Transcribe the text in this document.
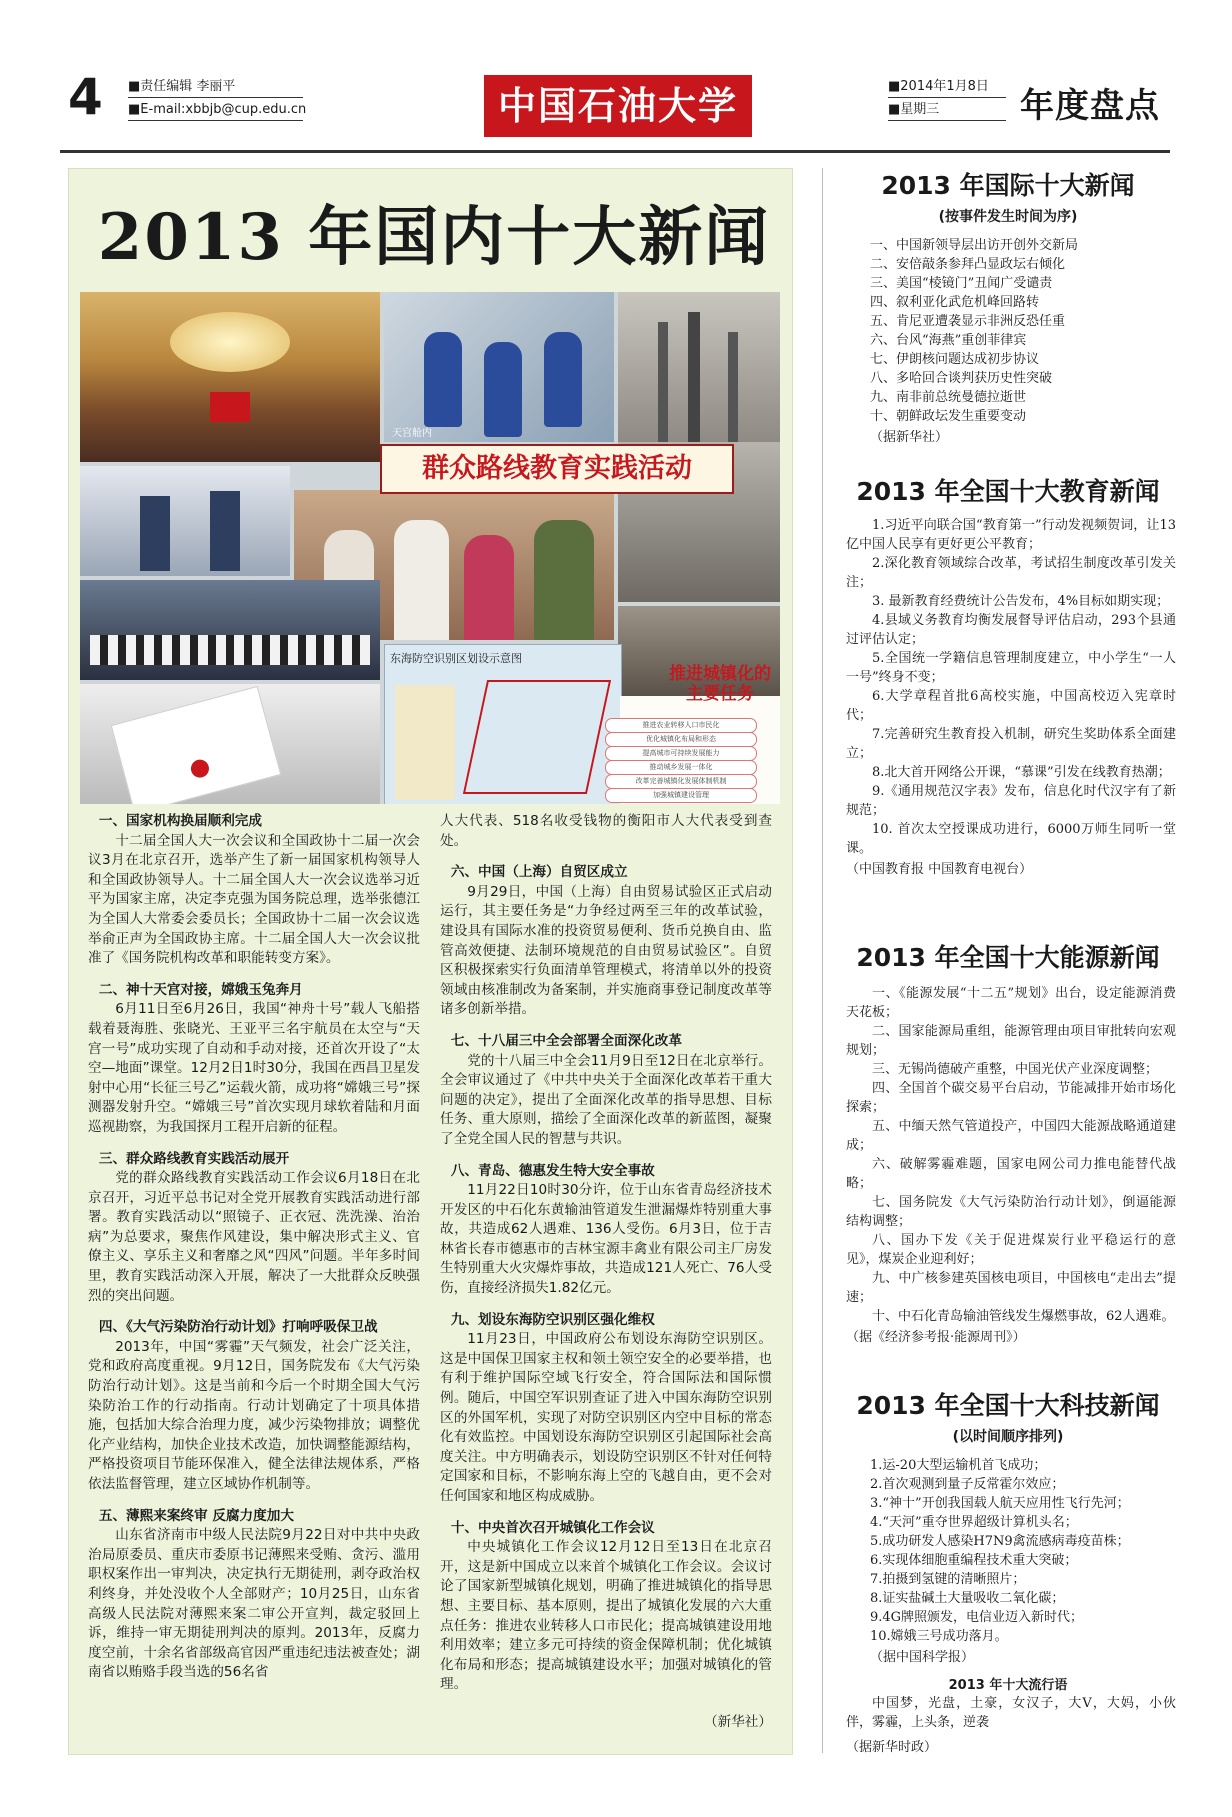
4 ■责任编辑 李丽平
■E-mail:xbbjb@cup.edu.cn	中国石油大学	■2014年1月8日
■星期三 年度盘点
2013 年国内十大新闻
天宫舱内
群众路线教育实践活动
东海防空识别区划设示意图
推进城镇化的
主要任务
推进农业转移人口市民化
优化城镇化布局和形态
提高城市可持续发展能力
推动城乡发展一体化
改革完善城镇化发展体制机制
加强城镇建设管理
一、国家机构换届顺利完成

十二届全国人大一次会议和全国政协十二届一次会议3月在北京召开，选举产生了新一届国家机构领导人和全国政协领导人。十二届全国人大一次会议选举习近平为国家主席，决定李克强为国务院总理，选举张德江为全国人大常委会委员长；全国政协十二届一次会议选举俞正声为全国政协主席。十二届全国人大一次会议批准了《国务院机构改革和职能转变方案》。

二、神十天宫对接，嫦娥玉兔奔月

6月11日至6月26日，我国“神舟十号”载人飞船搭载着聂海胜、张晓光、王亚平三名宇航员在太空与“天宫一号”成功实现了自动和手动对接，还首次开设了“太空—地面”课堂。12月2日1时30分，我国在西昌卫星发射中心用“长征三号乙”运载火箭，成功将“嫦娥三号”探测器发射升空。“嫦娥三号”首次实现月球软着陆和月面巡视勘察，为我国探月工程开启新的征程。

三、群众路线教育实践活动展开

党的群众路线教育实践活动工作会议6月18日在北京召开，习近平总书记对全党开展教育实践活动进行部署。教育实践活动以“照镜子、正衣冠、洗洗澡、治治病”为总要求，聚焦作风建设，集中解决形式主义、官僚主义、享乐主义和奢靡之风“四风”问题。半年多时间里，教育实践活动深入开展，解决了一大批群众反映强烈的突出问题。

四、《大气污染防治行动计划》打响呼吸保卫战

2013年，中国“雾霾”天气频发，社会广泛关注，党和政府高度重视。9月12日，国务院发布《大气污染防治行动计划》。这是当前和今后一个时期全国大气污染防治工作的行动指南。行动计划确定了十项具体措施，包括加大综合治理力度，减少污染物排放；调整优化产业结构，加快企业技术改造，加快调整能源结构，严格投资项目节能环保准入，健全法律法规体系，严格依法监督管理，建立区域协作机制等。

五、薄熙来案终审 反腐力度加大

山东省济南市中级人民法院9月22日对中共中央政治局原委员、重庆市委原书记薄熙来受贿、贪污、滥用职权案作出一审判决，决定执行无期徒刑，剥夺政治权利终身，并处没收个人全部财产；10月25日，山东省高级人民法院对薄熙来案二审公开宣判，裁定驳回上诉，维持一审无期徒刑判决的原判。2013年，反腐力度空前，十余名省部级高官因严重违纪违法被查处；湖南省以贿赂手段当选的56名省

人大代表、518名收受钱物的衡阳市人大代表受到查处。

六、中国（上海）自贸区成立

9月29日，中国（上海）自由贸易试验区正式启动运行，其主要任务是“力争经过两至三年的改革试验，建设具有国际水准的投资贸易便利、货币兑换自由、监管高效便捷、法制环境规范的自由贸易试验区”。自贸区积极探索实行负面清单管理模式，将清单以外的投资领域由核准制改为备案制，并实施商事登记制度改革等诸多创新举措。

七、十八届三中全会部署全面深化改革

党的十八届三中全会11月9日至12日在北京举行。全会审议通过了《中共中央关于全面深化改革若干重大问题的决定》，提出了全面深化改革的指导思想、目标任务、重大原则，描绘了全面深化改革的新蓝图，凝聚了全党全国人民的智慧与共识。

八、青岛、德惠发生特大安全事故

11月22日10时30分许，位于山东省青岛经济技术开发区的中石化东黄输油管道发生泄漏爆炸特别重大事故，共造成62人遇难、136人受伤。6月3日，位于吉林省长春市德惠市的吉林宝源丰禽业有限公司主厂房发生特别重大火灾爆炸事故，共造成121人死亡、76人受伤，直接经济损失1.82亿元。

九、划设东海防空识别区强化维权

11月23日，中国政府公布划设东海防空识别区。这是中国保卫国家主权和领土领空安全的必要举措，也有利于维护国际空域飞行安全，符合国际法和国际惯例。随后，中国空军识别查证了进入中国东海防空识别区的外国军机，实现了对防空识别区内空中目标的常态化有效监控。中国划设东海防空识别区引起国际社会高度关注。中方明确表示，划设防空识别区不针对任何特定国家和目标，不影响东海上空的飞越自由，更不会对任何国家和地区构成威胁。

十、中央首次召开城镇化工作会议

中央城镇化工作会议12月12日至13日在北京召开，这是新中国成立以来首个城镇化工作会议。会议讨论了国家新型城镇化规划，明确了推进城镇化的指导思想、主要目标、基本原则，提出了城镇化发展的六大重点任务：推进农业转移人口市民化；提高城镇建设用地利用效率；建立多元可持续的资金保障机制；优化城镇化布局和形态；提高城镇建设水平；加强对城镇化的管理。

（新华社）
2013 年国际十大新闻
(按事件发生时间为序)
一、中国新领导层出访开创外交新局
二、安倍敲条参拜凸显政坛右倾化
三、美国“棱镜门”丑闻广受谴责
四、叙利亚化武危机峰回路转
五、肯尼亚遭袭显示非洲反恐任重
六、台风“海燕”重创菲律宾
七、伊朗核问题达成初步协议
八、多哈回合谈判获历史性突破
九、南非前总统曼德拉逝世
十、朝鲜政坛发生重要变动
（据新华社）
2013 年全国十大教育新闻
1.习近平向联合国“教育第一”行动发视频贺词，让13亿中国人民享有更好更公平教育；
2.深化教育领域综合改革，考试招生制度改革引发关注；
3. 最新教育经费统计公告发布，4%目标如期实现；
4.县域义务教育均衡发展督导评估启动，293个县通过评估认定；
5.全国统一学籍信息管理制度建立，中小学生“一人一号”终身不变；
6.大学章程首批6高校实施，中国高校迈入宪章时代；
7.完善研究生教育投入机制，研究生奖助体系全面建立；
8.北大首开网络公开课，“慕课”引发在线教育热潮；
9.《通用规范汉字表》发布，信息化时代汉字有了新规范；
10. 首次太空授课成功进行，6000万师生同听一堂课。
（中国教育报 中国教育电视台）
2013 年全国十大能源新闻
一、《能源发展“十二五”规划》出台，设定能源消费天花板；
二、国家能源局重组，能源管理由项目审批转向宏观规划；
三、无锡尚德破产重整，中国光伏产业深度调整；
四、全国首个碳交易平台启动，节能减排开始市场化探索；
五、中缅天然气管道投产，中国四大能源战略通道建成；
六、破解雾霾难题，国家电网公司力推电能替代战略；
七、国务院发《大气污染防治行动计划》，倒逼能源结构调整；
八、国办下发《关于促进煤炭行业平稳运行的意见》，煤炭企业迎利好；
九、中广核参建英国核电项目，中国核电“走出去”提速；
十、中石化青岛输油管线发生爆燃事故，62人遇难。
（据《经济参考报·能源周刊》）
2013 年全国十大科技新闻
(以时间顺序排列)
1.运-20大型运输机首飞成功；
2.首次观测到量子反常霍尔效应；
3.“神十”开创我国载人航天应用性飞行先河；
4.“天河”重夺世界超级计算机头名；
5.成功研发人感染H7N9禽流感病毒疫苗株；
6.实现体细胞重编程技术重大突破；
7.拍摄到氢键的清晰照片；
8.证实盐碱土大量吸收二氧化碳；
9.4G牌照颁发，电信业迈入新时代；
10.嫦娥三号成功落月。
（据中国科学报）
2013 年十大流行语
中国梦，光盘，土豪，女汉子，大V，大妈，小伙伴，雾霾，上头条，逆袭
（据新华时政）
